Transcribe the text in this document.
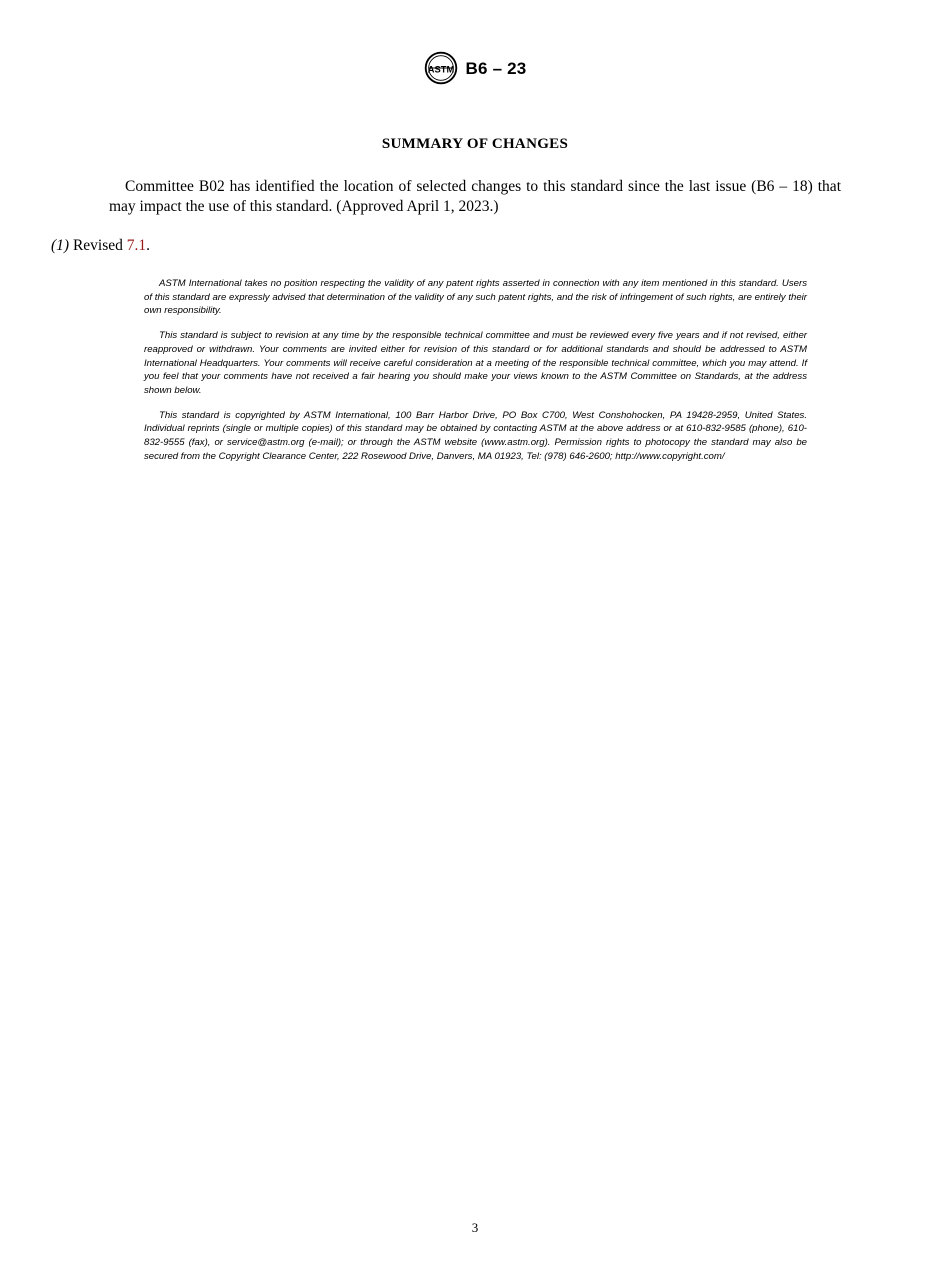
ASTM B6 – 23
SUMMARY OF CHANGES

Committee B02 has identified the location of selected changes to this standard since the last issue (B6 – 18) that may impact the use of this standard. (Approved April 1, 2023.)

(1) Revised 7.1.

ASTM International takes no position respecting the validity of any patent rights asserted in connection with any item mentioned in this standard. Users of this standard are expressly advised that determination of the validity of any such patent rights, and the risk of infringement of such rights, are entirely their own responsibility.

This standard is subject to revision at any time by the responsible technical committee and must be reviewed every five years and if not revised, either reapproved or withdrawn. Your comments are invited either for revision of this standard or for additional standards and should be addressed to ASTM International Headquarters. Your comments will receive careful consideration at a meeting of the responsible technical committee, which you may attend. If you feel that your comments have not received a fair hearing you should make your views known to the ASTM Committee on Standards, at the address shown below.

This standard is copyrighted by ASTM International, 100 Barr Harbor Drive, PO Box C700, West Conshohocken, PA 19428-2959, United States. Individual reprints (single or multiple copies) of this standard may be obtained by contacting ASTM at the above address or at 610-832-9585 (phone), 610-832-9555 (fax), or service@astm.org (e-mail); or through the ASTM website (www.astm.org). Permission rights to photocopy the standard may also be secured from the Copyright Clearance Center, 222 Rosewood Drive, Danvers, MA 01923, Tel: (978) 646-2600; http://www.copyright.com/

3
